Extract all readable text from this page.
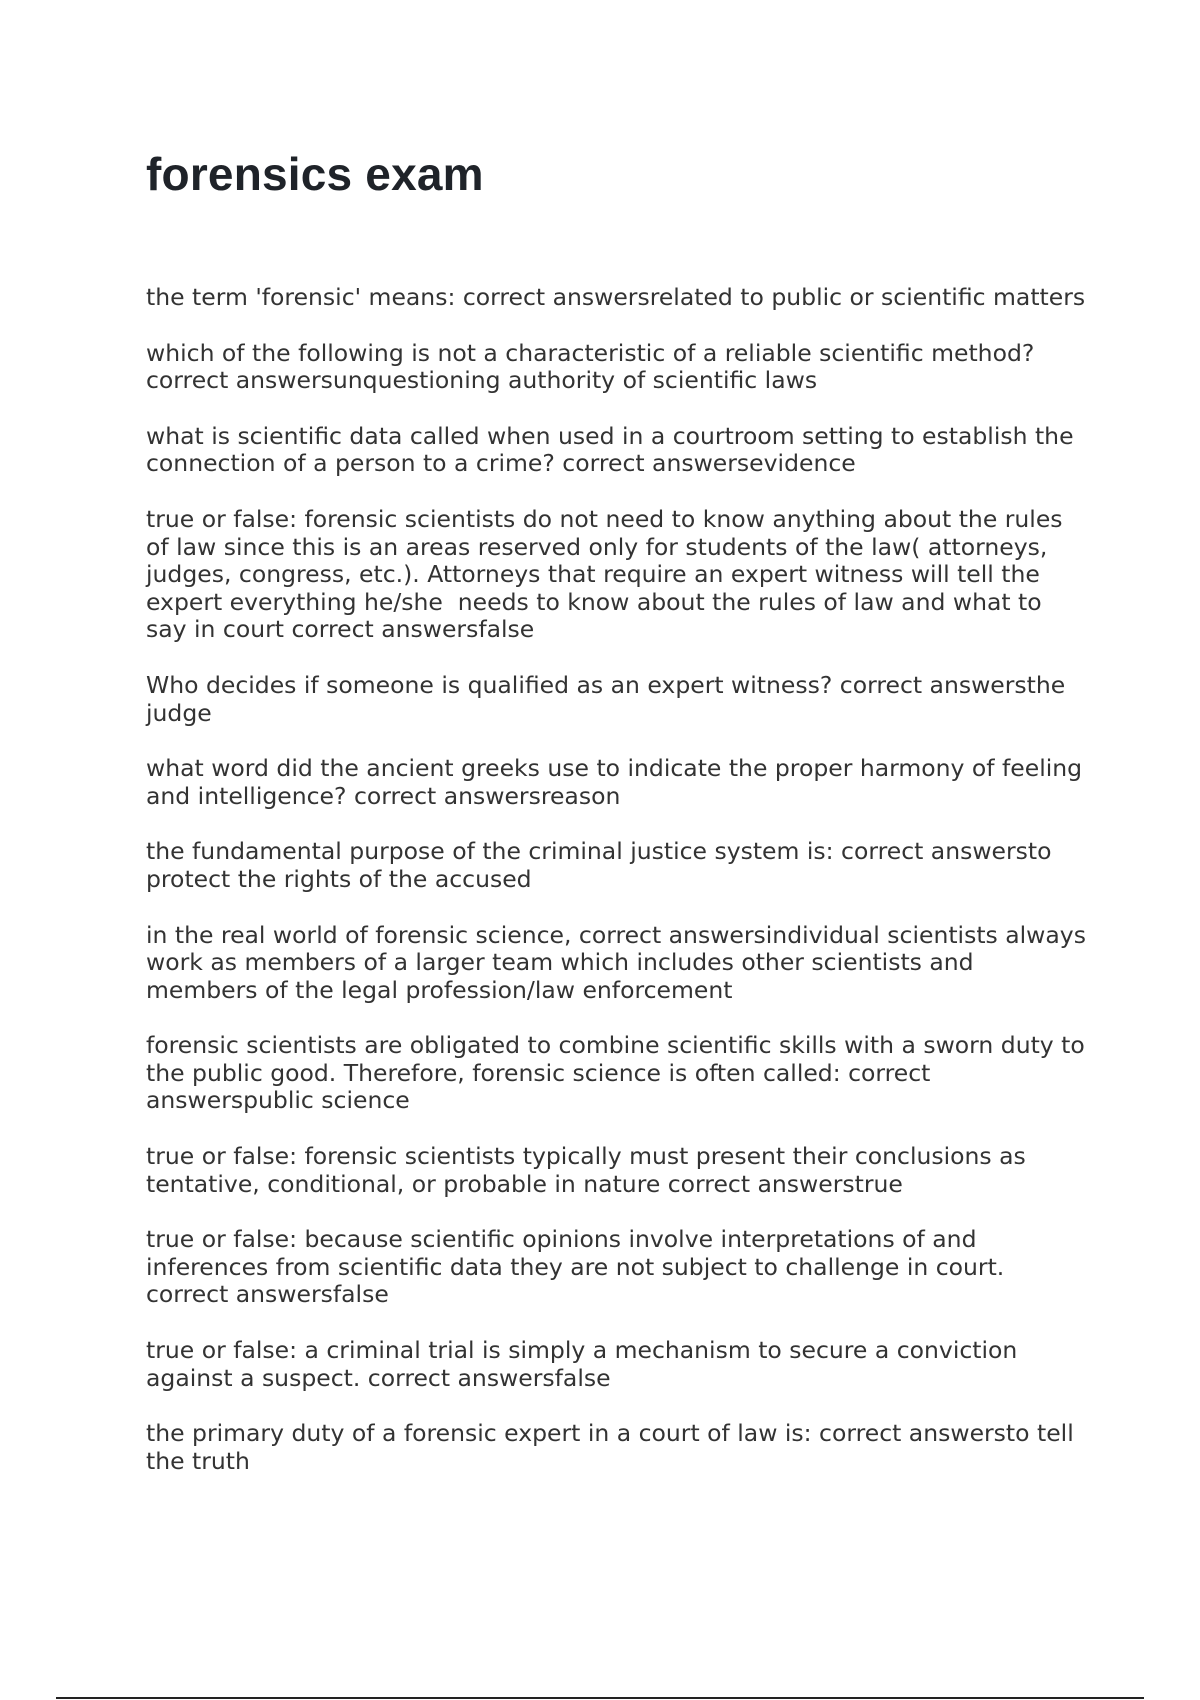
forensics exam
the term 'forensic' means: correct answersrelated to public or scientific matters
which of the following is not a characteristic of a reliable scientific method? correct answersunquestioning authority of scientific laws
what is scientific data called when used in a courtroom setting to establish the connection of a person to a crime? correct answersevidence
true or false: forensic scientists do not need to know anything about the rules of law since this is an areas reserved only for students of the law( attorneys, judges, congress, etc.). Attorneys that require an expert witness will tell the expert everything he/she  needs to know about the rules of law and what to say in court correct answersfalse
Who decides if someone is qualified as an expert witness? correct answersthe judge
what word did the ancient greeks use to indicate the proper harmony of feeling and intelligence? correct answersreason
the fundamental purpose of the criminal justice system is: correct answersto protect the rights of the accused
in the real world of forensic science, correct answersindividual scientists always work as members of a larger team which includes other scientists and members of the legal profession/law enforcement
forensic scientists are obligated to combine scientific skills with a sworn duty to the public good. Therefore, forensic science is often called: correct answerspublic science
true or false: forensic scientists typically must present their conclusions as tentative, conditional, or probable in nature correct answerstrue
true or false: because scientific opinions involve interpretations of and inferences from scientific data they are not subject to challenge in court. correct answersfalse
true or false: a criminal trial is simply a mechanism to secure a conviction against a suspect. correct answersfalse
the primary duty of a forensic expert in a court of law is: correct answersto tell the truth
